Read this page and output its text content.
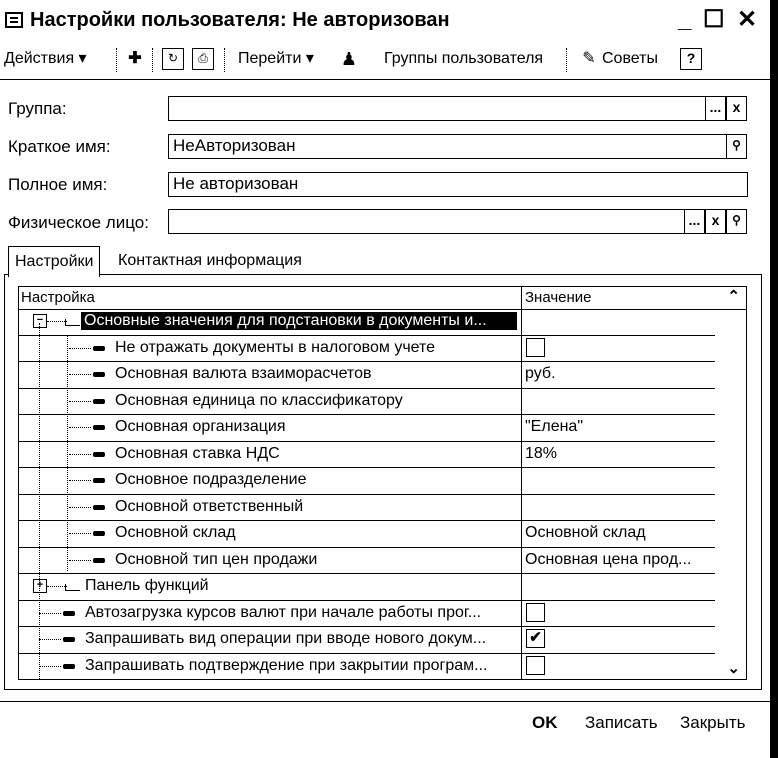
Настройки пользователя: Не авторизован	_ ☐ ✕
Действия ▾	✚	↻	⎙	Перейти ▾ ♟ Группы пользователя ✎ Советы	?
Группа:	... x
Краткое имя:	НеАвторизован	⚲
Полное имя:	Не авторизован
Физическое лицо:	... x	⚲
Настройки	Контактная информация
Настройка	Значение	⌃
−	Основные значения для подстановки в документы и...
Не отражать документы в налоговом учете
Основная валюта взаиморасчетов	руб.
Основная единица по классификатору
Основная организация	"Елена"
Основная ставка НДС	18%
Основное подразделение
Основной ответственный
Основной склад	Основной склад
Основной тип цен продажи	Основная цена прод...
+	Панель функций
Автозагрузка курсов валют при начале работы прог...
Запрашивать вид операции при вводе нового докум...	✔
Запрашивать подтверждение при закрытии програм...	⌄
OK Записать Закрыть
